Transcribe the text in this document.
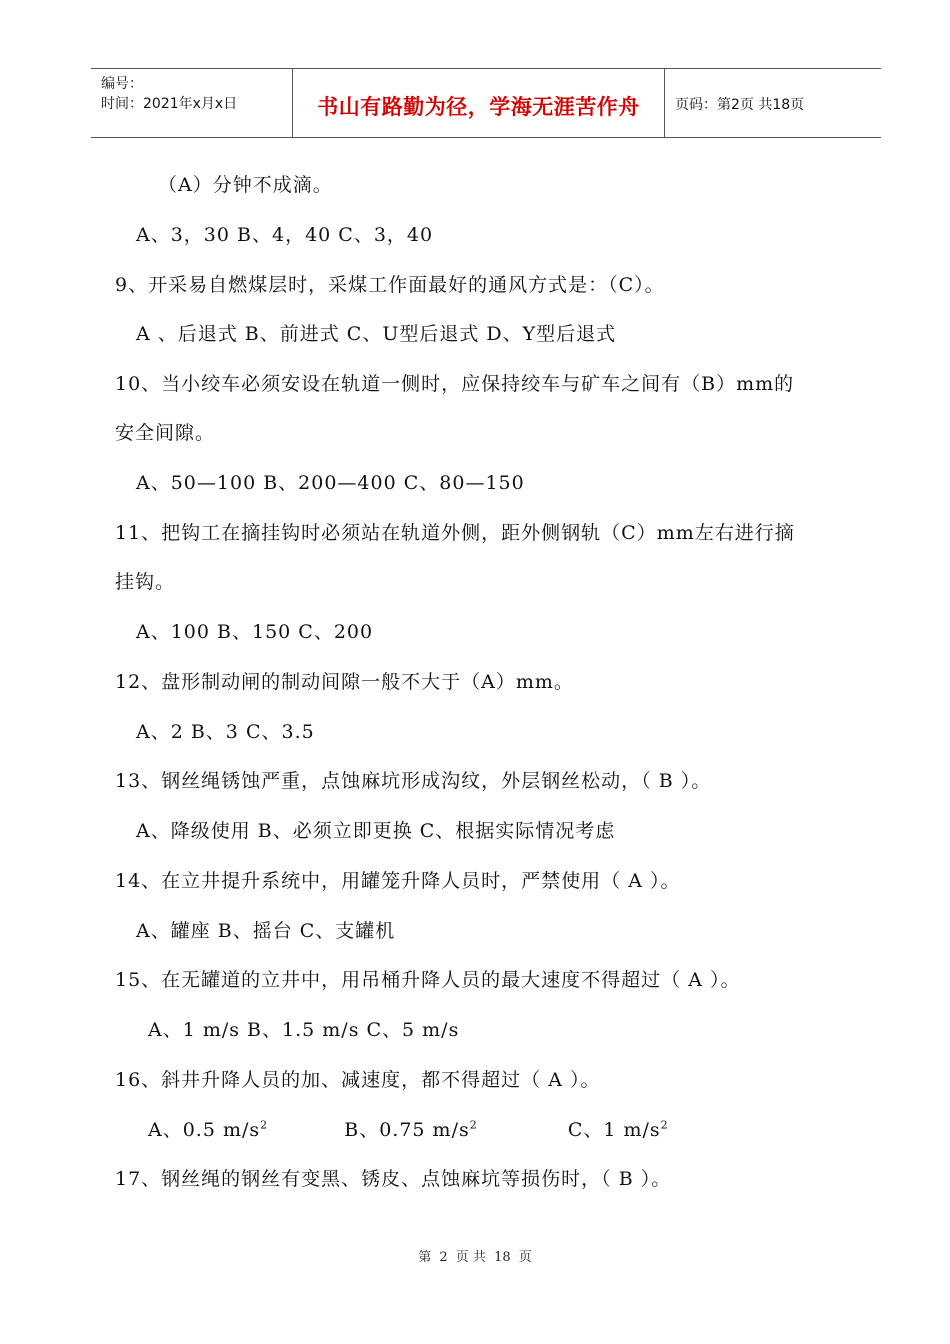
编号：
时间：2021年x月x日	书山有路勤为径，学海无涯苦作舟	页码：第2页 共18页
（A）分钟不成滴。
A、3，30 B、4，40 C、3，40
9、开采易自燃煤层时，采煤工作面最好的通风方式是：（C）。
A 、后退式 B、前进式 C、U型后退式 D、Y型后退式
10、当小绞车必须安设在轨道一侧时，应保持绞车与矿车之间有（B）mm的
安全间隙。
A、50—100 B、200—400 C、80—150
11、把钩工在摘挂钩时必须站在轨道外侧，距外侧钢轨（C）mm左右进行摘
挂钩。
A、100 B、150 C、200
12、盘形制动闸的制动间隙一般不大于（A）mm。
A、2 B、3 C、3.5
13、钢丝绳锈蚀严重，点蚀麻坑形成沟纹，外层钢丝松动，（ B ）。
A、降级使用 B、必须立即更换 C、根据实际情况考虑
14、在立井提升系统中，用罐笼升降人员时，严禁使用（ A ）。
A、罐座 B、摇台 C、支罐机
15、在无罐道的立井中，用吊桶升降人员的最大速度不得超过（ A ）。
A、1 m/s B、1.5 m/s C、5 m/s
16、斜井升降人员的加、减速度，都不得超过（ A ）。
A、0.5 $m/s^2$	B、0.75 $m/s^2$	C、1 $m/s^2$
17、钢丝绳的钢丝有变黑、锈皮、点蚀麻坑等损伤时，（ B ）。
第 2 页 共 18 页
